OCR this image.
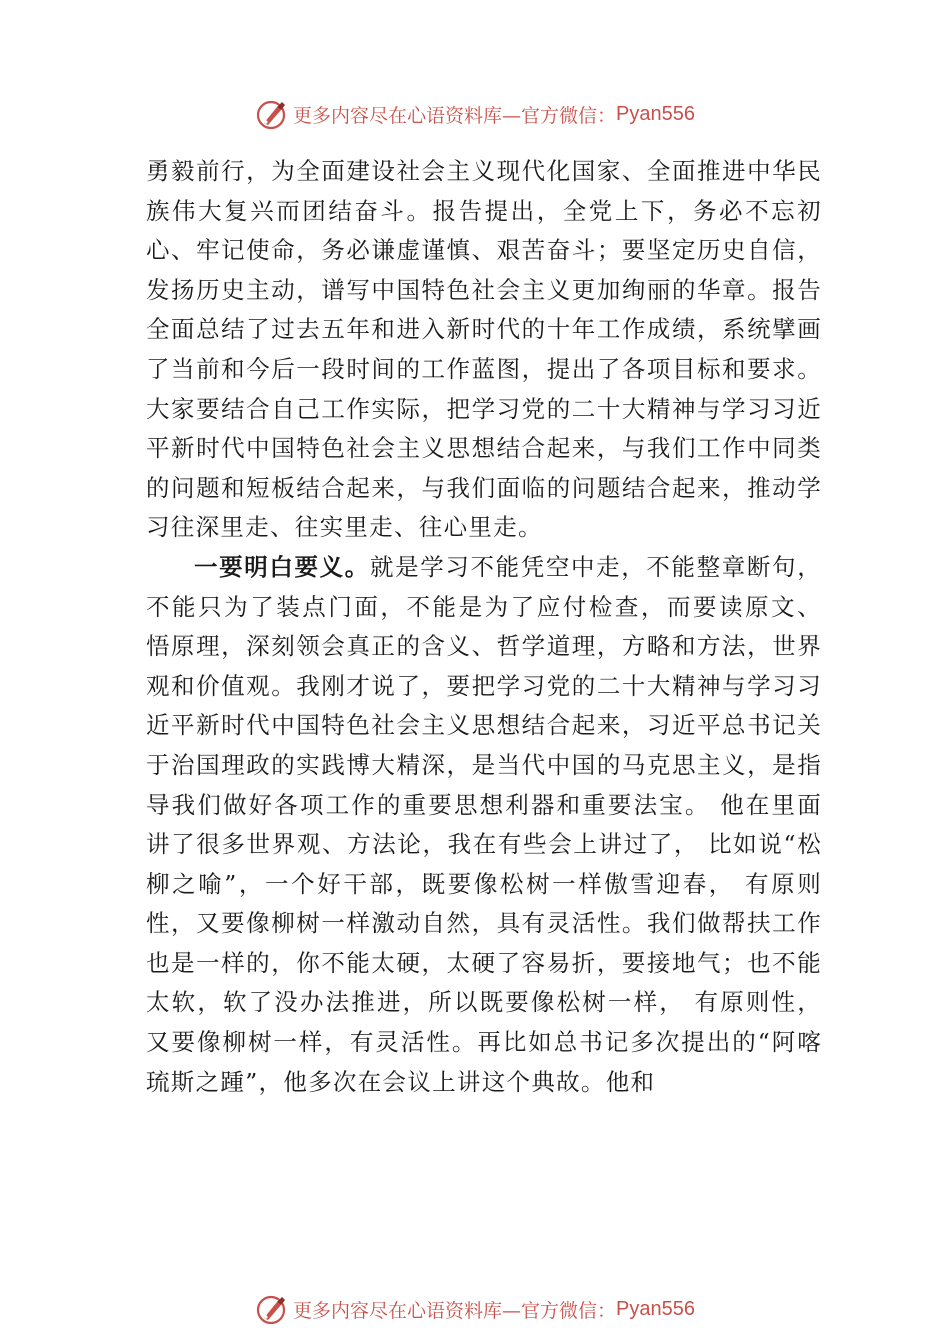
更多内容尽在心语资料库—官方微信： Pyan556

勇毅前行，为全面建设社会主义现代化国家、全面推进中华民族伟大复兴而团结奋斗。报告提出，全党上下，务必不忘初心、牢记使命，务必谦虚谨慎、艰苦奋斗；要坚定历史自信，发扬历史主动，谱写中国特色社会主义更加绚丽的华章。报告全面总结了过去五年和进入新时代的十年工作成绩，系统擘画了当前和今后一段时间的工作蓝图，提出了各项目标和要求。大家要结合自己工作实际，把学习党的二十大精神与学习习近平新时代中国特色社会主义思想结合起来，与我们工作中同类的问题和短板结合起来，与我们面临的问题结合起来，推动学习往深里走、往实里走、往心里走。

一要明白要义。就是学习不能凭空中走，不能整章断句，不能只为了装点门面，不能是为了应付检查，而要读原文、 悟原理，深刻领会真正的含义、哲学道理，方略和方法，世界观和价值观。我刚才说了，要把学习党的二十大精神与学习习近平新时代中国特色社会主义思想结合起来，习近平总书记关于治国理政的实践博大精深，是当代中国的马克思主义，是指导我们做好各项工作的重要思想利器和重要法宝。 他在里面讲了很多世界观、方法论，我在有些会上讲过了， 比如说“松柳之喻”，一个好干部，既要像松树一样傲雪迎春， 有原则性，又要像柳树一样激动自然，具有灵活性。我们做帮扶工作也是一样的，你不能太硬，太硬了容易折，要接地气；也不能太软，软了没办法推进，所以既要像松树一样， 有原则性，又要像柳树一样，有灵活性。再比如总书记多次提出的“阿喀琉斯之踵”，他多次在会议上讲这个典故。他和

更多内容尽在心语资料库—官方微信： Pyan556
